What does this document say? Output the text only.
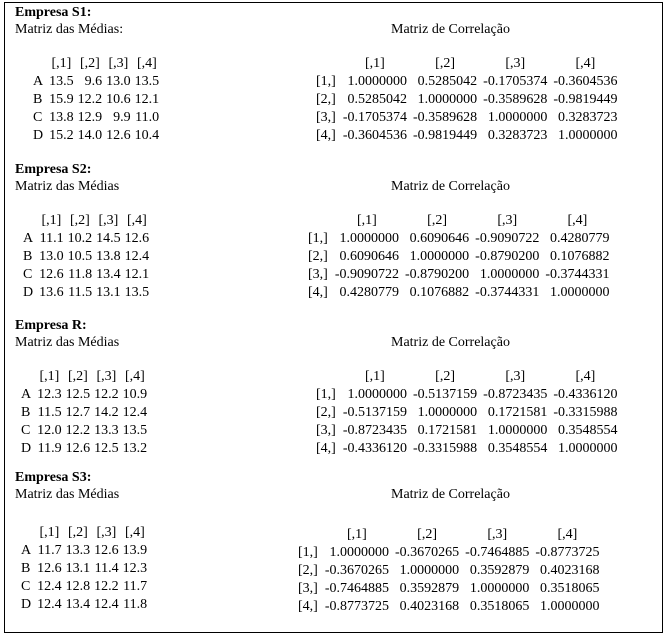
Empresa S1:
Matriz das Médias:	Matriz de Correlação
	[,1]	[,2]	[,3]	[,4]
A	13.5	9.6	13.0	13.5
B	15.9	12.2	10.6	12.1
C	13.8	12.9	9.9	11.0
D	15.2	14.0	12.6	10.4
	[,1]	[,2]	[,3]	[,4]
[1,]	1.0000000	0.5285042	-0.1705374	-0.3604536
[2,]	0.5285042	1.0000000	-0.3589628	-0.9819449
[3,]	-0.1705374	-0.3589628	1.0000000	0.3283723
[4,]	-0.3604536	-0.9819449	0.3283723	1.0000000
Empresa S2:
Matriz das Médias	Matriz de Correlação
	[,1]	[,2]	[,3]	[,4]
A	11.1	10.2	14.5	12.6
B	13.0	10.5	13.8	12.4
C	12.6	11.8	13.4	12.1
D	13.6	11.5	13.1	13.5
	[,1]	[,2]	[,3]	[,4]
[1,]	1.0000000	0.6090646	-0.9090722	0.4280779
[2,]	0.6090646	1.0000000	-0.8790200	0.1076882
[3,]	-0.9090722	-0.8790200	1.0000000	-0.3744331
[4,]	0.4280779	0.1076882	-0.3744331	1.0000000
Empresa R:
Matriz das Médias	Matriz de Correlação
	[,1]	[,2]	[,3]	[,4]
A	12.3	12.5	12.2	10.9
B	11.5	12.7	14.2	12.4
C	12.0	12.2	13.3	13.5
D	11.9	12.6	12.5	13.2
	[,1]	[,2]	[,3]	[,4]
[1,]	1.0000000	-0.5137159	-0.8723435	-0.4336120
[2,]	-0.5137159	1.0000000	0.1721581	-0.3315988
[3,]	-0.8723435	0.1721581	1.0000000	0.3548554
[4,]	-0.4336120	-0.3315988	0.3548554	1.0000000
Empresa S3:
Matriz das Médias	Matriz de Correlação
	[,1]	[,2]	[,3]	[,4]
A	11.7	13.3	12.6	13.9
B	12.6	13.1	11.4	12.3
C	12.4	12.8	12.2	11.7
D	12.4	13.4	12.4	11.8
	[,1]	[,2]	[,3]	[,4]
[1,]	1.0000000	-0.3670265	-0.7464885	-0.8773725
[2,]	-0.3670265	1.0000000	0.3592879	0.4023168
[3,]	-0.7464885	0.3592879	1.0000000	0.3518065
[4,]	-0.8773725	0.4023168	0.3518065	1.0000000
